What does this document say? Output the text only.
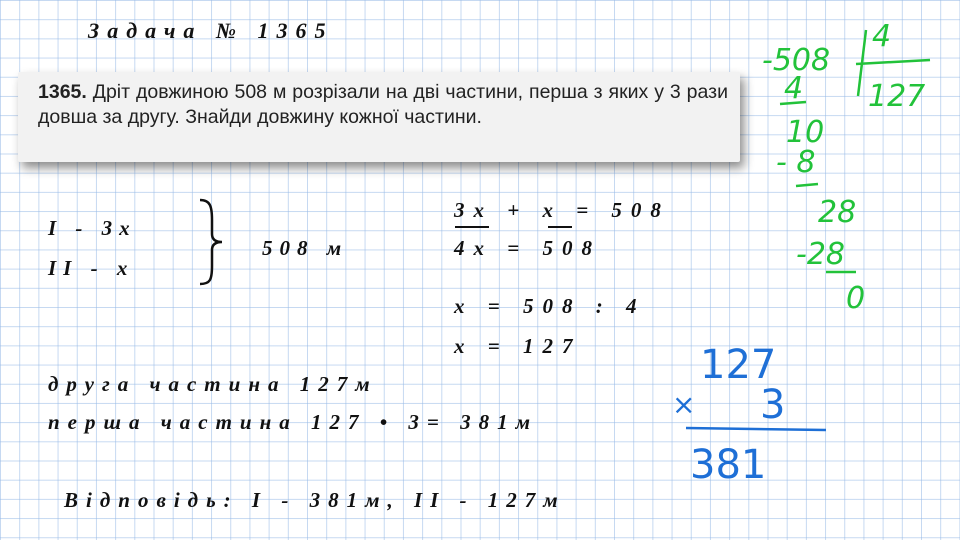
Задача № 1365
1365. Дріт довжиною 508 м розрізали на дві частини, перша з яких у 3 рази довша за другу. Знайди довжину кожної частини.
I - 3x
II - x
508 м
3x + x = 508
4x = 508
x = 508 : 4
x = 127
друга частина 127м
перша частина 127 • 3= 381м
Відповідь: I - 381м, II - 127м
-508
4
127
4
10
- 8
28
-28
0
127
× 3
381
